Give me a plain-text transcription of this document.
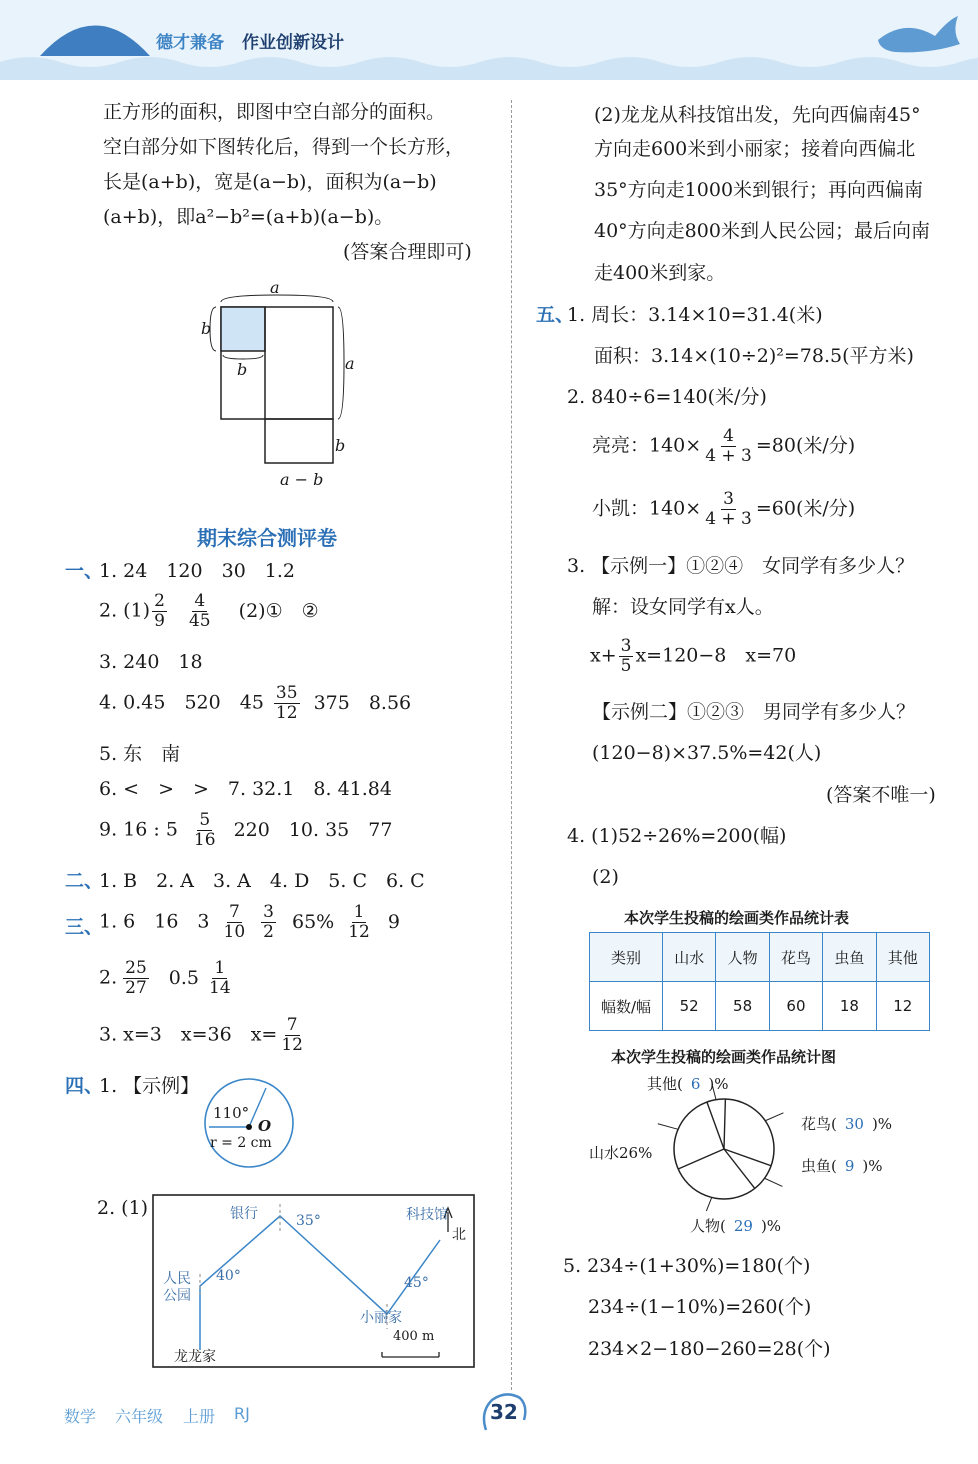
德才兼备 作业创新设计
正方形的面积，即图中空白部分的面积。
空白部分如下图转化后，得到一个长方形，
长是(a+b)，宽是(a−b)，面积为(a−b)
(a+b)，即a²−b²=(a+b)(a−b)。
(答案合理即可)
a
b
b	a
b
a − b
期末综合测评卷
一、
1. 24　120　30　1.2
2. $(1) \frac{2}{9}$
$\frac{4}{45}$ (2)①　②
3. 240　18
4. 0.45　520　$45 \frac{35}{12} 375$　8.56
5. 东　南
6. <　>　>　7. 32.1　8. 41.84
9. 16 : $5 \frac{5}{16} 220$　10. 35　77
二、
1. B　2. A　3. A　4. D　5. C　6. C
三、
1. 6　16　$3 \frac{7}{10} \frac{3}{2} 65\% \frac{1}{12} 9$
2. $\frac{25}{27} 0.5 \frac{1}{14}$
3. x=3　x=36　$x= \frac{7}{12}$
四、
1. 【示例】
110°
O
r = 2 cm
2. (1)	银行	科技馆
北
35°
人民
公园
40°	45°
小丽家
400 m
龙龙家
(2)龙龙从科技馆出发，先向西偏南45°
方向走600米到小丽家；接着向西偏北
35°方向走1000米到银行；再向西偏南
40°方向走800米到人民公园；最后向南
走400米到家。
五、
1. 周长：3.14×10=31.4(米)
面积：3.14×(10÷2)²=78.5(平方米)
2. 840÷6=140(米/分)
亮亮：$140\times \frac{4}{4 + 3} =80$(米/分)
小凯：$140\times \frac{3}{4 + 3} =60$(米/分)
3. 【示例一】①②④　女同学有多少人？
解：设女同学有x人。
$x+ \frac{3}{5} x=120-8$　x=70
【示例二】①②③　男同学有多少人？
(120−8)×37.5%=42(人)
(答案不唯一)
4. (1)52÷26%=200(幅)
(2)
本次学生投稿的绘画类作品统计表
类别	山水	人物	花鸟	虫鱼	其他
幅数/幅	52	58	60	18	12
本次学生投稿的绘画类作品统计图
其他( 6 )%
花鸟( 30 )%
山水26%
虫鱼( 9 )%
人物( 29 )%
5. 234÷(1+30%)=180(个)
234÷(1−10%)=260(个)
234×2−180−260=28(个)
数学 六年级 上册 RJ	32
